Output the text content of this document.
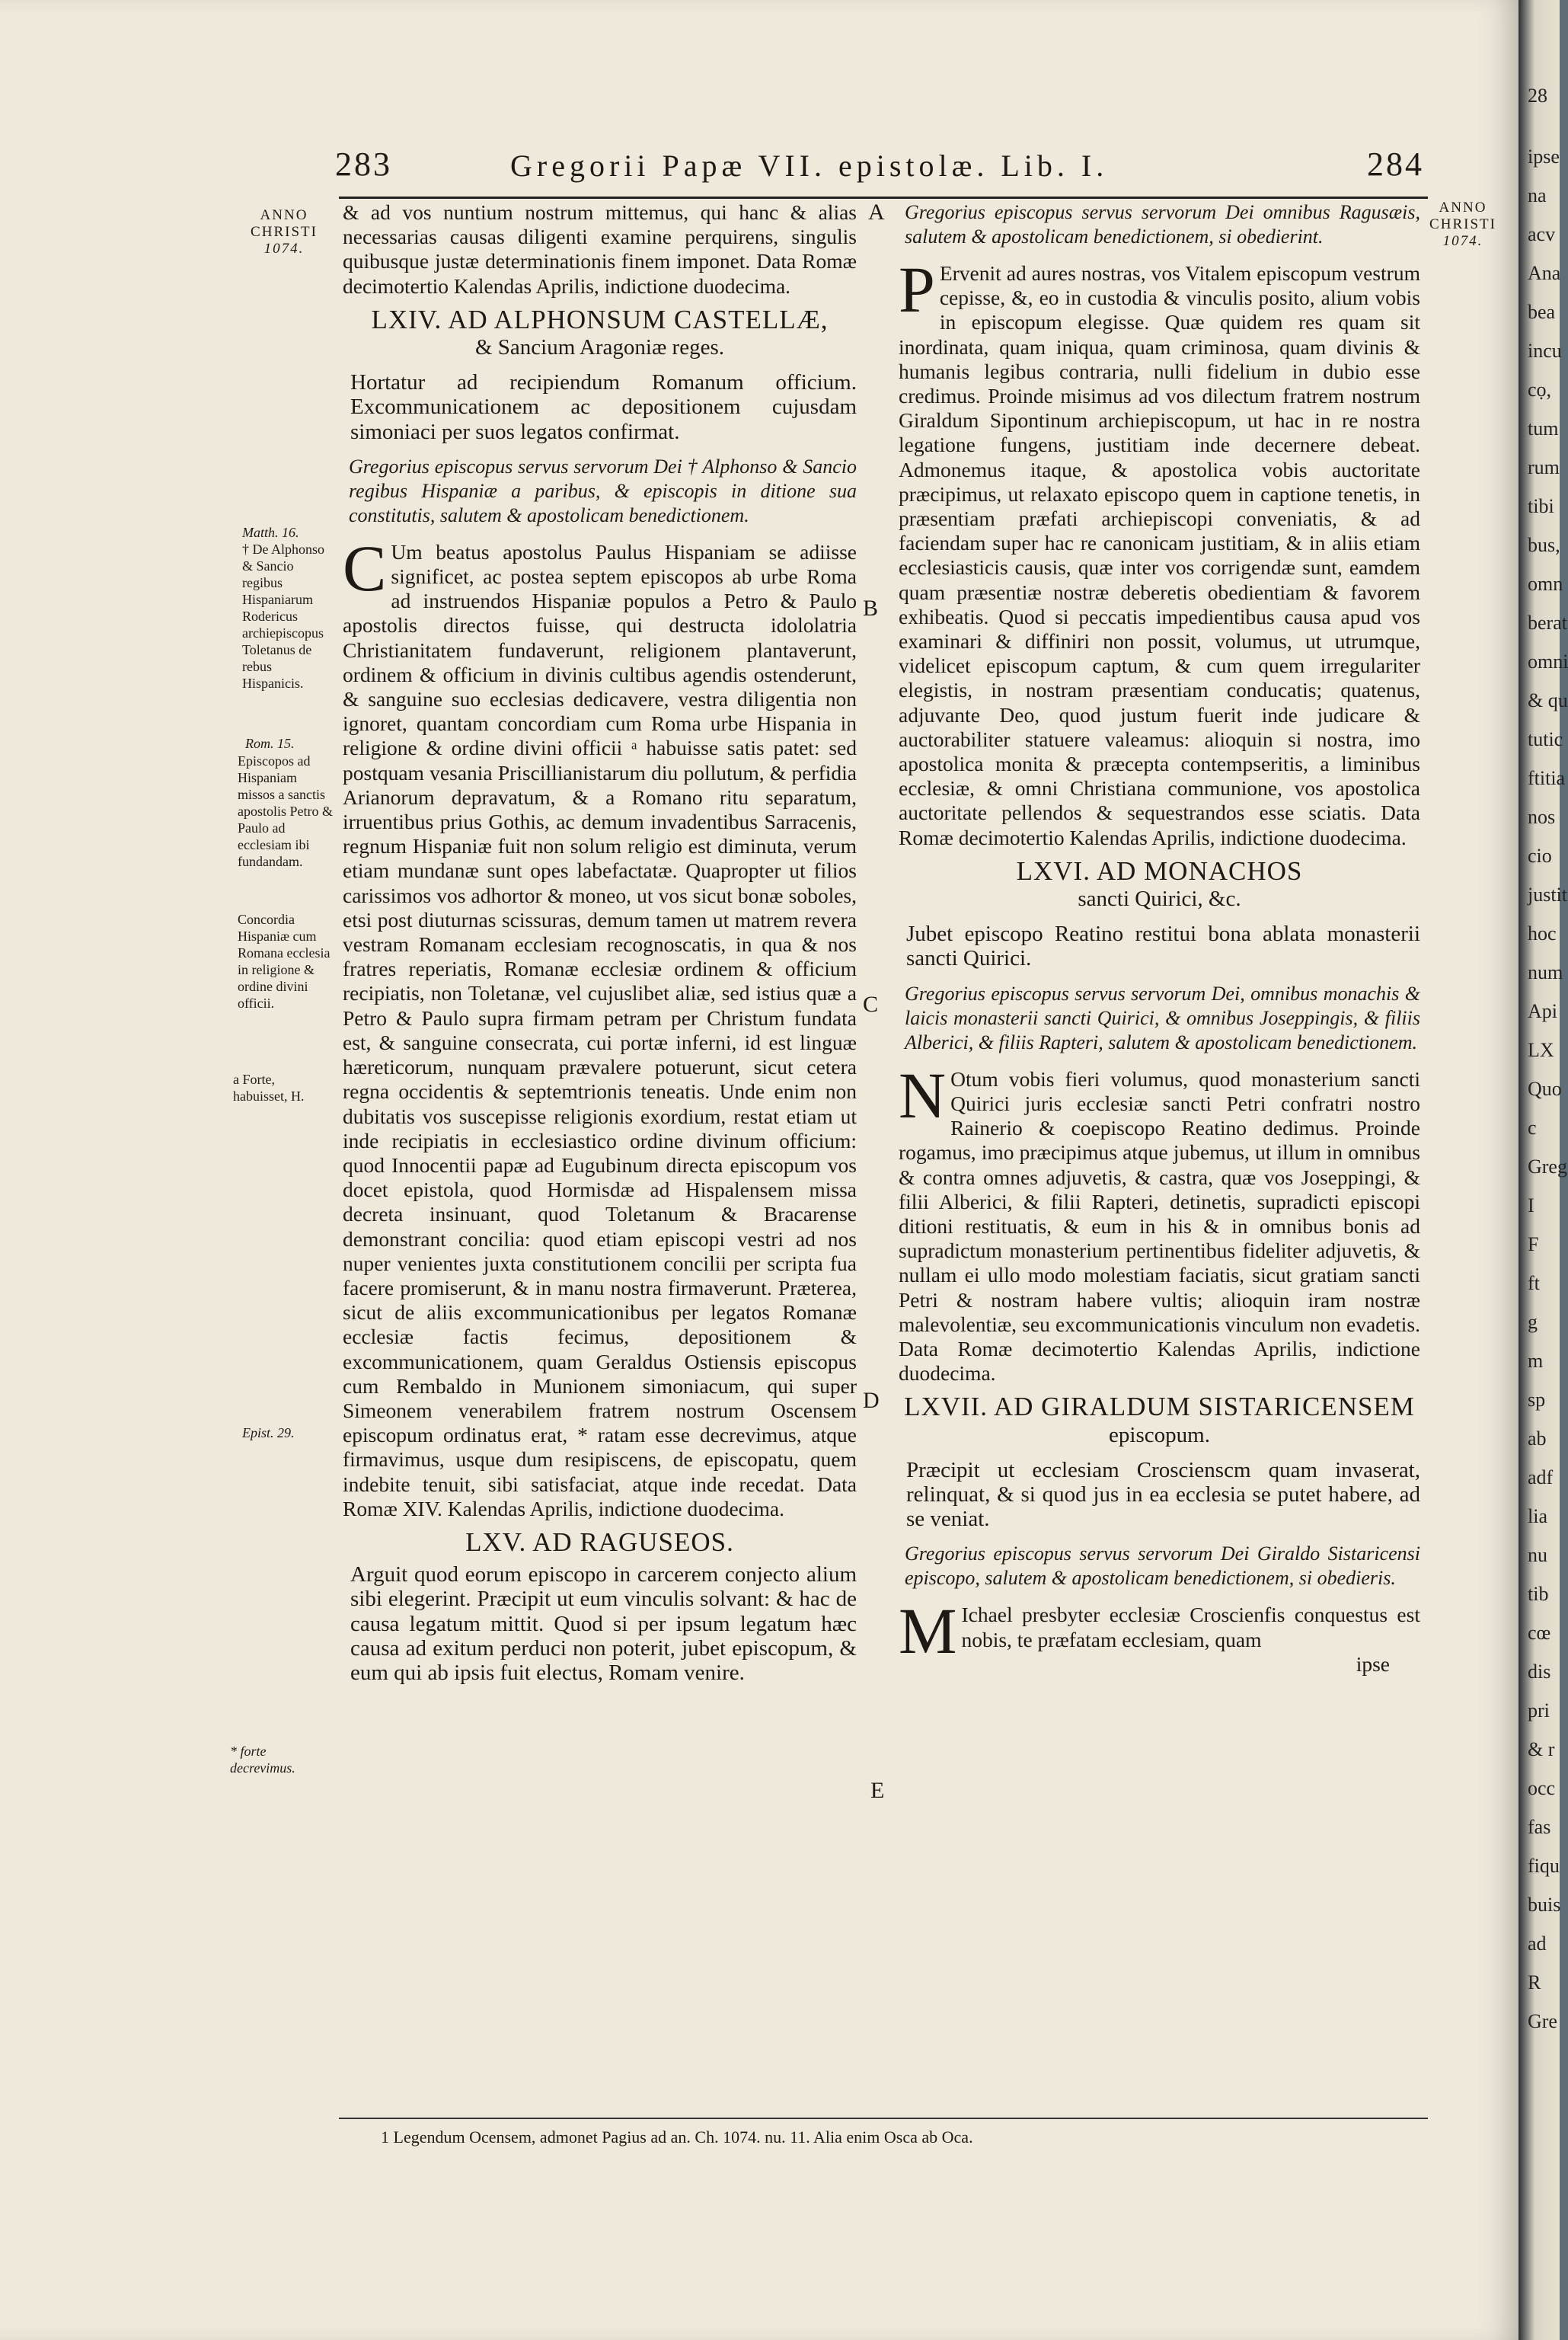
283	Gregorii Papæ VII. epistolæ. Lib. I.	284
ANNO
CHRISTI
1074.
ANNO
CHRISTI
1074.
A
B
C
D
E
Matth. 16.
† De Alphonso & Sancio regibus Hispaniarum Rodericus archiepiscopus Toletanus de rebus Hispanicis.
Rom. 15.
Episcopos ad Hispaniam missos a sanctis apostolis Petro & Paulo ad ecclesiam ibi fundandam.
Concordia Hispaniæ cum Romana ecclesia in religione & ordine divini officii.
a Forte, habuisset, H.
Epist. 29.
* forte decrevimus.

& ad vos nuntium nostrum mittemus, qui hanc & alias necessarias causas diligenti examine perquirens, singulis quibusque justæ determinationis finem imponet. Data Romæ decimotertio Kalendas Aprilis, indictione duodecima.

LXIV. AD ALPHONSUM CASTELLÆ,
& Sancium Aragoniæ reges.

Hortatur ad recipiendum Romanum officium. Excommunicationem ac depositionem cujusdam simoniaci per suos legatos confirmat.

Gregorius episcopus servus servorum Dei † Alphonso & Sancio regibus Hispaniæ a paribus, & episcopis in ditione sua constitutis, salutem & apostolicam benedictionem.

C Um beatus apostolus Paulus Hispaniam se adiisse significet, ac postea septem episcopos ab urbe Roma ad instruendos Hispaniæ populos a Petro & Paulo apostolis directos fuisse, qui destructa idololatria Christianitatem fundaverunt, religionem plantaverunt, ordinem & officium in divinis cultibus agendis ostenderunt, & sanguine suo ecclesias dedicavere, vestra diligentia non ignoret, quantam concordiam cum Roma urbe Hispania in religione & ordine divini officii ᵃ habuisse satis patet: sed postquam vesania Priscillianistarum diu pollutum, & perfidia Arianorum depravatum, & a Romano ritu separatum, irruentibus prius Gothis, ac demum invadentibus Sarracenis, regnum Hispaniæ fuit non solum religio est diminuta, verum etiam mundanæ sunt opes labefactatæ. Quapropter ut filios carissimos vos adhortor & moneo, ut vos sicut bonæ soboles, etsi post diuturnas scissuras, demum tamen ut matrem revera vestram Romanam ecclesiam recognoscatis, in qua & nos fratres reperiatis, Romanæ ecclesiæ ordinem & officium recipiatis, non Toletanæ, vel cujuslibet aliæ, sed istius quæ a Petro & Paulo supra firmam petram per Christum fundata est, & sanguine consecrata, cui portæ inferni, id est linguæ hæreticorum, nunquam prævalere potuerunt, sicut cetera regna occidentis & septemtrionis teneatis. Unde enim non dubitatis vos suscepisse religionis exordium, restat etiam ut inde recipiatis in ecclesiastico ordine divinum officium: quod Innocentii papæ ad Eugubinum directa episcopum vos docet epistola, quod Hormisdæ ad Hispalensem missa decreta insinuant, quod Toletanum & Bracarense demonstrant concilia: quod etiam episcopi vestri ad nos nuper venientes juxta constitutionem concilii per scripta fua facere promiserunt, & in manu nostra firmaverunt. Præterea, sicut de aliis excommunicationibus per legatos Romanæ ecclesiæ factis fecimus, depositionem & excommunicationem, quam Geraldus Ostiensis episcopus cum Rembaldo in Munionem simoniacum, qui super Simeonem venerabilem fratrem nostrum Oscensem episcopum ordinatus erat, * ratam esse decrevimus, atque firmavimus, usque dum resipiscens, de episcopatu, quem indebite tenuit, sibi satisfaciat, atque inde recedat. Data Romæ XIV. Kalendas Aprilis, indictione duodecima.

LXV. AD RAGUSEOS.

Arguit quod eorum episcopo in carcerem conjecto alium sibi elegerint. Præcipit ut eum vinculis solvant: & hac de causa legatum mittit. Quod si per ipsum legatum hæc causa ad exitum perduci non poterit, jubet episcopum, & eum qui ab ipsis fuit electus, Romam venire.

Gregorius episcopus servus servorum Dei omnibus Ragusæis, salutem & apostolicam benedictionem, si obedierint.

P Ervenit ad aures nostras, vos Vitalem episcopum vestrum cepisse, &, eo in custodia & vinculis posito, alium vobis in episcopum elegisse. Quæ quidem res quam sit inordinata, quam iniqua, quam criminosa, quam divinis & humanis legibus contraria, nulli fidelium in dubio esse credimus. Proinde misimus ad vos dilectum fratrem nostrum Giraldum Sipontinum archiepiscopum, ut hac in re nostra legatione fungens, justitiam inde decernere debeat. Admonemus itaque, & apostolica vobis auctoritate præcipimus, ut relaxato episcopo quem in captione tenetis, in præsentiam præfati archiepiscopi conveniatis, & ad faciendam super hac re canonicam justitiam, & in aliis etiam ecclesiasticis causis, quæ inter vos corrigendæ sunt, eamdem quam præsentiæ nostræ deberetis obedientiam & favorem exhibeatis. Quod si peccatis impedientibus causa apud vos examinari & diffiniri non possit, volumus, ut utrumque, videlicet episcopum captum, & cum quem irregulariter elegistis, in nostram præsentiam conducatis; quatenus, adjuvante Deo, quod justum fuerit inde judicare & auctorabiliter statuere valeamus: alioquin si nostra, imo apostolica monita & præcepta contempseritis, a liminibus ecclesiæ, & omni Christiana communione, vos apostolica auctoritate pellendos & sequestrandos esse sciatis. Data Romæ decimotertio Kalendas Aprilis, indictione duodecima.

LXVI. AD MONACHOS
sancti Quirici, &c.

Jubet episcopo Reatino restitui bona ablata monasterii sancti Quirici.

Gregorius episcopus servus servorum Dei, omnibus monachis & laicis monasterii sancti Quirici, & omnibus Joseppingis, & filiis Alberici, & filiis Rapteri, salutem & apostolicam benedictionem.

N Otum vobis fieri volumus, quod monasterium sancti Quirici juris ecclesiæ sancti Petri confratri nostro Rainerio & coepiscopo Reatino dedimus. Proinde rogamus, imo præcipimus atque jubemus, ut illum in omnibus & contra omnes adjuvetis, & castra, quæ vos Joseppingi, & filii Alberici, & filii Rapteri, detinetis, supradicti episcopi ditioni restituatis, & eum in his & in omnibus bonis ad supradictum monasterium pertinentibus fideliter adjuvetis, & nullam ei ullo modo molestiam faciatis, sicut gratiam sancti Petri & nostram habere vultis; alioquin iram nostræ malevolentiæ, seu excommunicationis vinculum non evadetis. Data Romæ decimotertio Kalendas Aprilis, indictione duodecima.

LXVII. AD GIRALDUM SISTARICENSEM
episcopum.

Præcipit ut ecclesiam Croscienscm quam invaserat, relinquat, & si quod jus in ea ecclesia se putet habere, ad se veniat.

Gregorius episcopus servus servorum Dei Giraldo Sistaricensi episcopo, salutem & apostolicam benedictionem, si obedieris.

M Ichael presbyter ecclesiæ Croscienfis conquestus est nobis, te præfatam ecclesiam, quam

ipse

1 Legendum Ocensem, admonet Pagius ad an. Ch. 1074. nu. 11. Alia enim Osca ab Oca.
28
ipse
na
acv
Ana
bea
incu
cọ,
tum
rum
tibi
bus,
omn
berat
omni
& qu
tutic
ftitia
nos
cio
justit
hoc
num
Api
LX
Quo
c
Greg
I
F
ft
g
m
sp
ab
adf
lia
nu
tib
cœ
dis
pri
& r
occ
fas
fiqu
buis
ad
R
Gre
